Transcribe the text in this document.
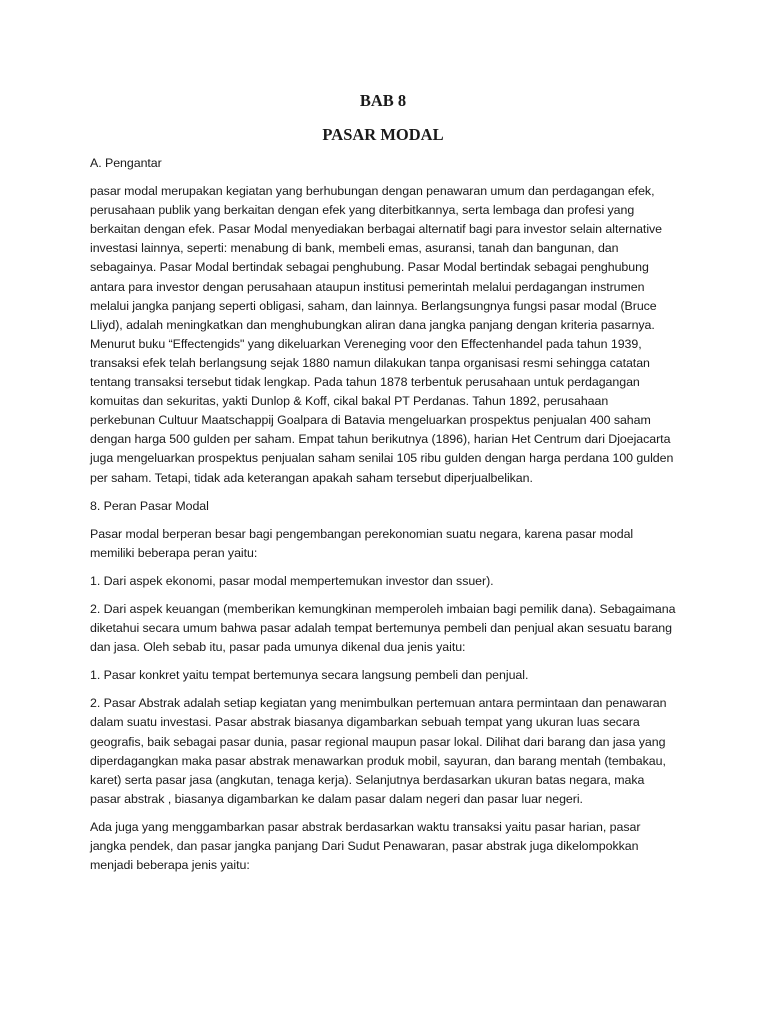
BAB 8
PASAR MODAL

A. Pengantar

pasar modal merupakan kegiatan yang berhubungan dengan penawaran umum dan perdagangan efek, perusahaan publik yang berkaitan dengan efek yang diterbitkannya, serta lembaga dan profesi yang berkaitan dengan efek. Pasar Modal menyediakan berbagai alternatif bagi para investor selain alternative investasi lainnya, seperti: menabung di bank, membeli emas, asuransi, tanah dan bangunan, dan sebagainya. Pasar Modal bertindak sebagai penghubung. Pasar Modal bertindak sebagai penghubung antara para investor dengan perusahaan ataupun institusi pemerintah melalui perdagangan instrumen melalui jangka panjang seperti obligasi, saham, dan lainnya. Berlangsungnya fungsi pasar modal (Bruce Lliyd), adalah meningkatkan dan menghubungkan aliran dana jangka panjang dengan kriteria pasarnya. Menurut buku “Effectengids" yang dikeluarkan Vereneging voor den Effectenhandel pada tahun 1939, transaksi efek telah berlangsung sejak 1880 namun dilakukan tanpa organisasi resmi sehingga catatan tentang transaksi tersebut tidak lengkap. Pada tahun 1878 terbentuk perusahaan untuk perdagangan komuitas dan sekuritas, yakti Dunlop & Koff, cikal bakal PT Perdanas. Tahun 1892, perusahaan perkebunan Cultuur Maatschappij Goalpara di Batavia mengeluarkan prospektus penjualan 400 saham dengan harga 500 gulden per saham. Empat tahun berikutnya (1896), harian Het Centrum dari Djoejacarta juga mengeluarkan prospektus penjualan saham senilai 105 ribu gulden dengan harga perdana 100 gulden per saham. Tetapi, tidak ada keterangan apakah saham tersebut diperjualbelikan.

8. Peran Pasar Modal

Pasar modal berperan besar bagi pengembangan perekonomian suatu negara, karena pasar modal memiliki beberapa peran yaitu:

1. Dari aspek ekonomi, pasar modal mempertemukan investor dan ssuer).

2. Dari aspek keuangan (memberikan kemungkinan memperoleh imbaian bagi pemilik dana). Sebagaimana diketahui secara umum bahwa pasar adalah tempat bertemunya pembeli dan penjual akan sesuatu barang dan jasa. Oleh sebab itu, pasar pada umunya dikenal dua jenis yaitu:

1. Pasar konkret yaitu tempat bertemunya secara langsung pembeli dan penjual.

2. Pasar Abstrak adalah setiap kegiatan yang menimbulkan pertemuan antara permintaan dan penawaran dalam suatu investasi. Pasar abstrak biasanya digambarkan sebuah tempat yang ukuran luas secara geografis, baik sebagai pasar dunia, pasar regional maupun pasar lokal. Dilihat dari barang dan jasa yang diperdagangkan maka pasar abstrak menawarkan produk mobil, sayuran, dan barang mentah (tembakau, karet) serta pasar jasa (angkutan, tenaga kerja). Selanjutnya berdasarkan ukuran batas negara, maka pasar abstrak , biasanya digambarkan ke dalam pasar dalam negeri dan pasar luar negeri.

Ada juga yang menggambarkan pasar abstrak berdasarkan waktu transaksi yaitu pasar harian, pasar jangka pendek, dan pasar jangka panjang Dari Sudut Penawaran, pasar abstrak juga dikelompokkan menjadi beberapa jenis yaitu:
